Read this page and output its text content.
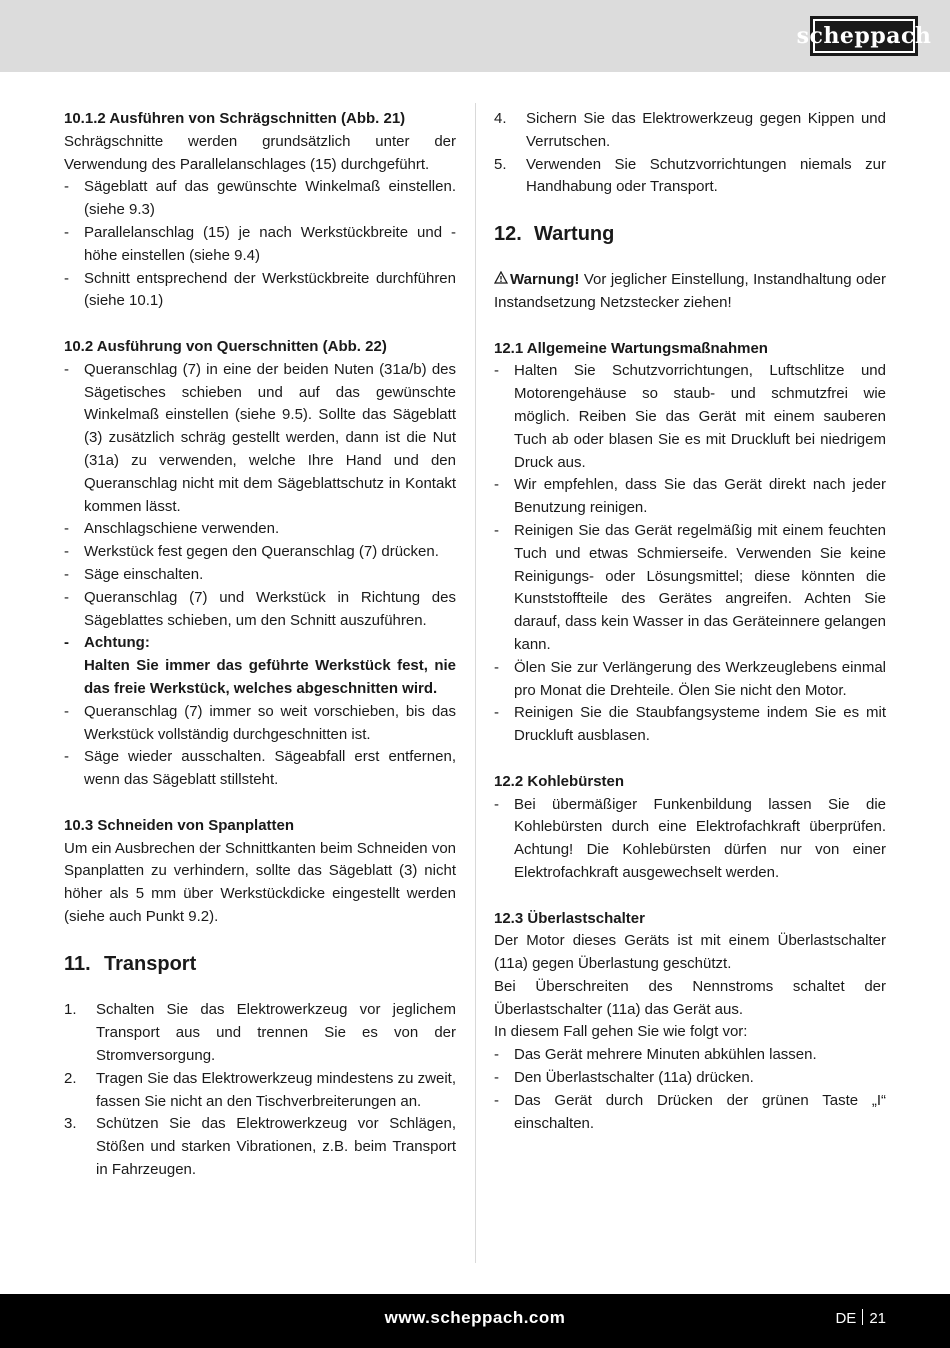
scheppach

10.1.2 Ausführen von Schrägschnitten (Abb. 21)

Schrägschnitte werden grundsätzlich unter der Verwendung des Parallelanschlages (15) durchgeführt.

- Sägeblatt auf das gewünschte Winkelmaß einstellen. (siehe 9.3)
- Parallelanschlag (15) je nach Werkstückbreite und -höhe einstellen (siehe 9.4)
- Schnitt entsprechend der Werkstückbreite durchführen (siehe 10.1)

10.2 Ausführung von Querschnitten (Abb. 22)

- Queranschlag (7) in eine der beiden Nuten (31a/b) des Sägetisches schieben und auf das gewünschte Winkelmaß einstellen (siehe 9.5). Sollte das Sägeblatt (3) zusätzlich schräg gestellt werden, dann ist die Nut (31a) zu verwenden, welche Ihre Hand und den Queranschlag nicht mit dem Sägeblattschutz in Kontakt kommen lässt.
- Anschlagschiene verwenden.
- Werkstück fest gegen den Queranschlag (7) drücken.
- Säge einschalten.
- Queranschlag (7) und Werkstück in Richtung des Sägeblattes schieben, um den Schnitt auszuführen.
- Achtung:
Halten Sie immer das geführte Werkstück fest, nie das freie Werkstück, welches abgeschnitten wird.
- Queranschlag (7) immer so weit vorschieben, bis das Werkstück vollständig durchgeschnitten ist.
- Säge wieder ausschalten. Sägeabfall erst entfernen, wenn das Sägeblatt stillsteht.

10.3 Schneiden von Spanplatten

Um ein Ausbrechen der Schnittkanten beim Schneiden von Spanplatten zu verhindern, sollte das Sägeblatt (3) nicht höher als 5 mm über Werkstückdicke eingestellt werden (siehe auch Punkt 9.2).

11. Transport

1. Schalten Sie das Elektrowerkzeug vor jeglichem Transport aus und trennen Sie es von der Stromversorgung.
2. Tragen Sie das Elektrowerkzeug mindestens zu zweit, fassen Sie nicht an den Tischverbreiterungen an.
3. Schützen Sie das Elektrowerkzeug vor Schlägen, Stößen und starken Vibrationen, z.B. beim Transport in Fahrzeugen.
4. Sichern Sie das Elektrowerkzeug gegen Kippen und Verrutschen.
5. Verwenden Sie Schutzvorrichtungen niemals zur Handhabung oder Transport.

12. Wartung

Warnung! Vor jeglicher Einstellung, Instandhaltung oder Instandsetzung Netzstecker ziehen!

12.1 Allgemeine Wartungsmaßnahmen

- Halten Sie Schutzvorrichtungen, Luftschlitze und Motorengehäuse so staub- und schmutzfrei wie möglich. Reiben Sie das Gerät mit einem sauberen Tuch ab oder blasen Sie es mit Druckluft bei niedrigem Druck aus.
- Wir empfehlen, dass Sie das Gerät direkt nach jeder Benutzung reinigen.
- Reinigen Sie das Gerät regelmäßig mit einem feuchten Tuch und etwas Schmierseife. Verwenden Sie keine Reinigungs- oder Lösungsmittel; diese könnten die Kunststoffteile des Gerätes angreifen. Achten Sie darauf, dass kein Wasser in das Geräteinnere gelangen kann.
- Ölen Sie zur Verlängerung des Werkzeuglebens einmal pro Monat die Drehteile. Ölen Sie nicht den Motor.
- Reinigen Sie die Staubfangsysteme indem Sie es mit Druckluft ausblasen.

12.2 Kohlebürsten

- Bei übermäßiger Funkenbildung lassen Sie die Kohlebürsten durch eine Elektrofachkraft überprüfen. Achtung! Die Kohlebürsten dürfen nur von einer Elektrofachkraft ausgewechselt werden.

12.3 Überlastschalter

Der Motor dieses Geräts ist mit einem Überlastschalter (11a) gegen Überlastung geschützt.

Bei Überschreiten des Nennstroms schaltet der Überlastschalter (11a) das Gerät aus.

In diesem Fall gehen Sie wie folgt vor:

- Das Gerät mehrere Minuten abkühlen lassen.
- Den Überlastschalter (11a) drücken.
- Das Gerät durch Drücken der grünen Taste „I“ einschalten.
www.scheppach.com	DE 21
